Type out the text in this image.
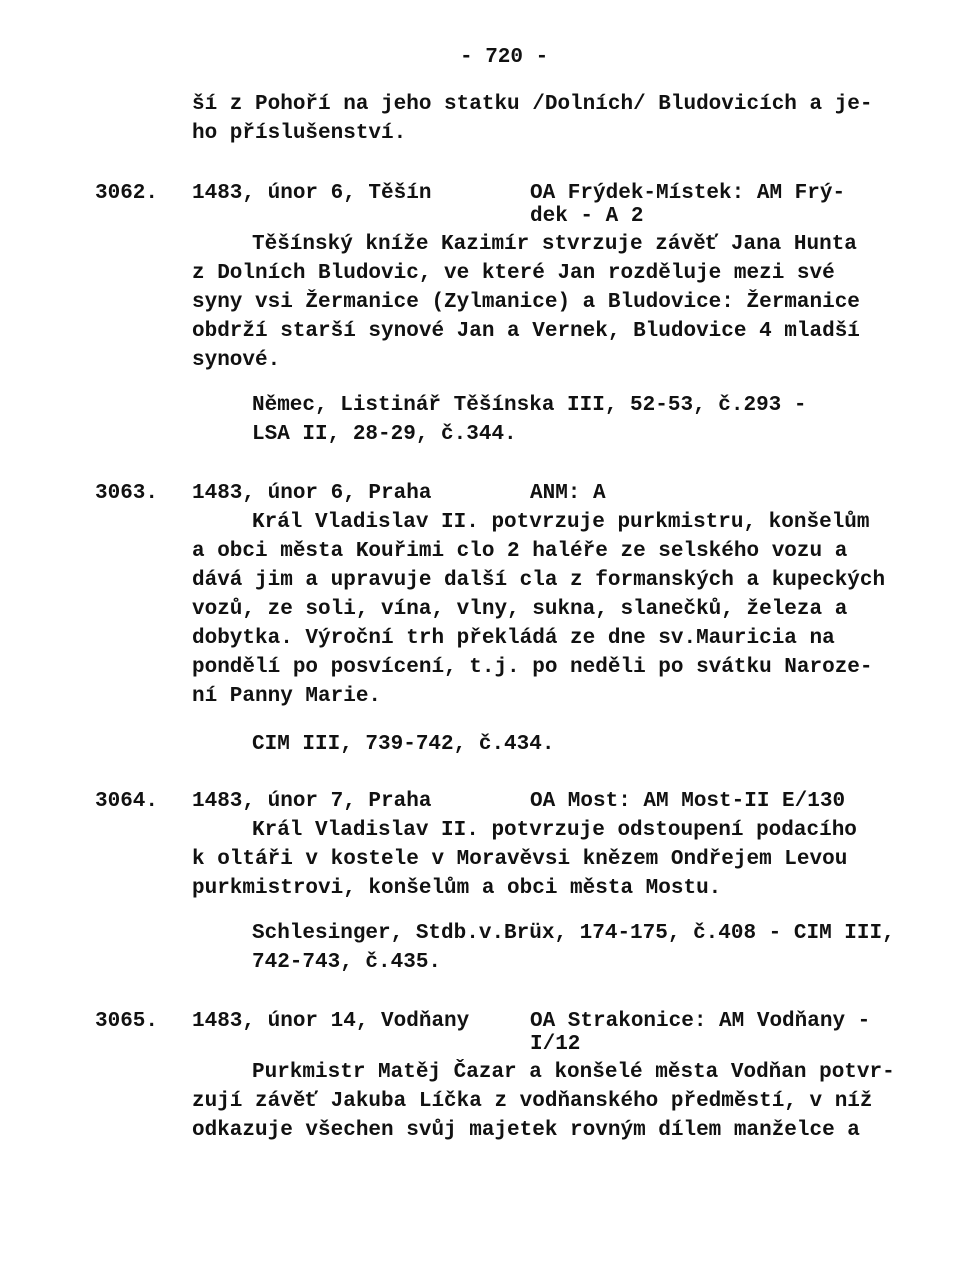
- 720 -
ší z Pohoří na jeho statku /Dolních/ Bludovicích a je-
ho příslušenství.
3062. 1483, únor 6, Těšín	OA Frýdek-Místek: AM Frý-
dek - A 2
Těšínský kníže Kazimír stvrzuje závěť Jana Hunta
z Dolních Bludovic, ve které Jan rozděluje mezi své
syny vsi Žermanice (Zylmanice) a Bludovice: Žermanice
obdrží starší synové Jan a Vernek, Bludovice 4 mladší
synové.
Němec, Listinář Těšínska III, 52-53, č.293 -
LSA II, 28-29, č.344.
3063. 1483, únor 6, Praha	ANM: A
Král Vladislav II. potvrzuje purkmistru, konšelům
a obci města Kouřimi clo 2 haléře ze selského vozu a
dává jim a upravuje další cla z formanských a kupeckých
vozů, ze soli, vína, vlny, sukna, slanečků, železa a
dobytka. Výroční trh překládá ze dne sv.Mauricia na
pondělí po posvícení, t.j. po neděli po svátku Naroze-
ní Panny Marie.
CIM III, 739-742, č.434.
3064. 1483, únor 7, Praha	OA Most: AM Most-II E/130
Král Vladislav II. potvrzuje odstoupení podacího
k oltáři v kostele v Moravěvsi knězem Ondřejem Levou
purkmistrovi, konšelům a obci města Mostu.
Schlesinger, Stdb.v.Brüx, 174-175, č.408 - CIM III,
742-743, č.435.
3065. 1483, únor 14, Vodňany	OA Strakonice: AM Vodňany -
I/12
Purkmistr Matěj Čazar a konšelé města Vodňan potvr-
zují závěť Jakuba Líčka z vodňanského předměstí, v níž
odkazuje všechen svůj majetek rovným dílem manželce a
